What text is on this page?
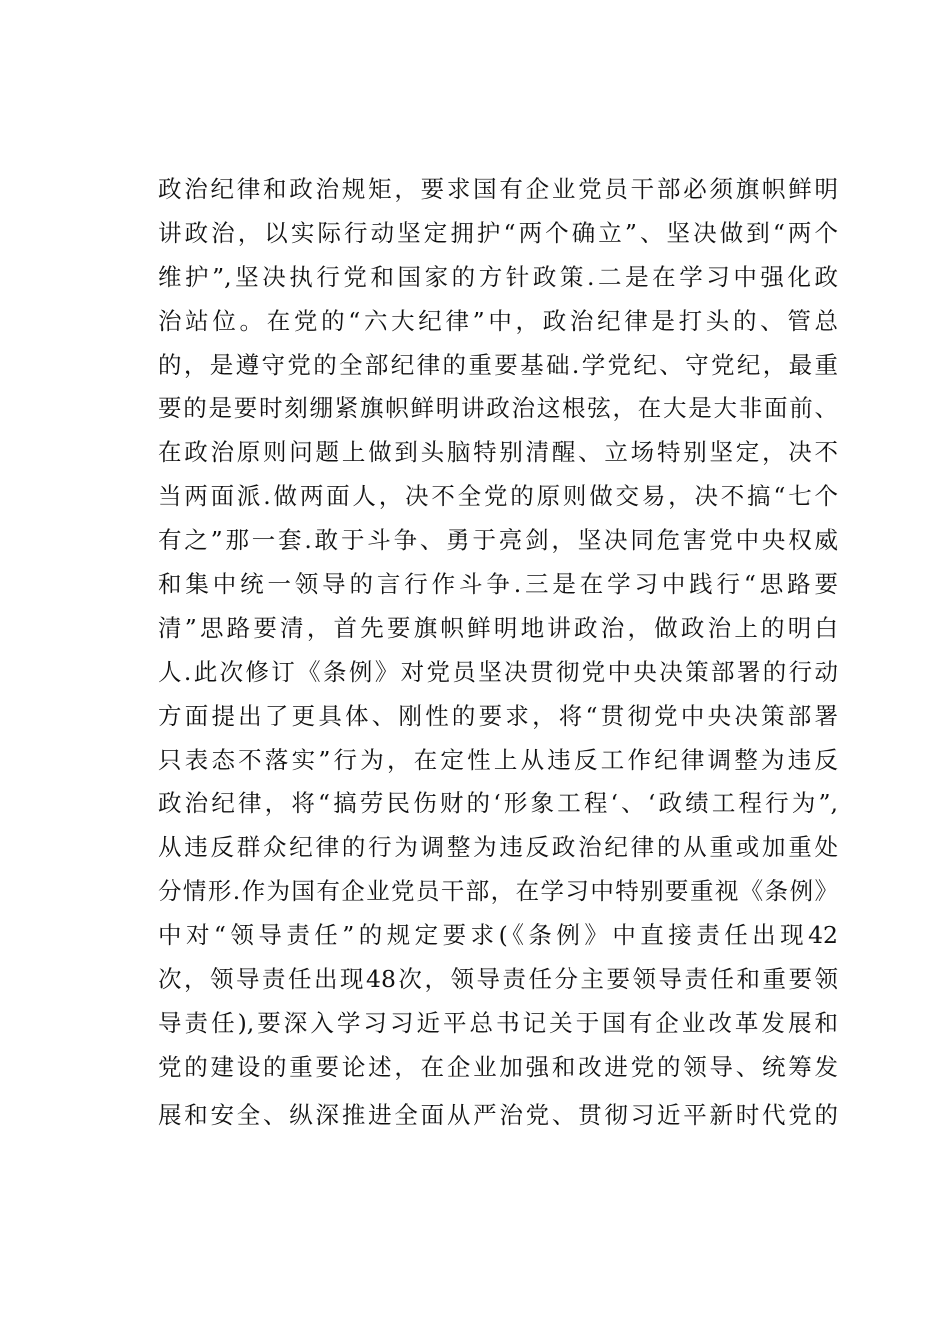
政治纪律和政治规矩，要求国有企业党员干部必须旗帜鲜明
讲政治，以实际行动坚定拥护“两个确立”、坚决做到“两个
维护”,坚决执行党和国家的方针政策.二是在学习中强化政
治站位。在党的“六大纪律”中，政治纪律是打头的、管总
的，是遵守党的全部纪律的重要基础.学党纪、守党纪，最重
要的是要时刻绷紧旗帜鲜明讲政治这根弦，在大是大非面前、
在政治原则问题上做到头脑特别清醒、立场特别坚定，决不
当两面派.做两面人，决不全党的原则做交易，决不搞“七个
有之”那一套.敢于斗争、勇于亮剑，坚决同危害党中央权威
和集中统一领导的言行作斗争.三是在学习中践行“思路要
清”思路要清，首先要旗帜鲜明地讲政治，做政治上的明白
人.此次修订《条例》对党员坚决贯彻党中央决策部署的行动
方面提出了更具体、刚性的要求，将“贯彻党中央决策部署
只表态不落实”行为，在定性上从违反工作纪律调整为违反
政治纪律，将“搞劳民伤财的‘形象工程‘、‘政绩工程行为”,
从违反群众纪律的行为调整为违反政治纪律的从重或加重处
分情形.作为国有企业党员干部，在学习中特别要重视《条例》
中对“领导责任”的规定要求(《条例》中直接责任出现42
次，领导责任出现48次，领导责任分主要领导责任和重要领
导责任),要深入学习习近平总书记关于国有企业改革发展和
党的建设的重要论述，在企业加强和改进党的领导、统筹发
展和安全、纵深推进全面从严治党、贯彻习近平新时代党的
